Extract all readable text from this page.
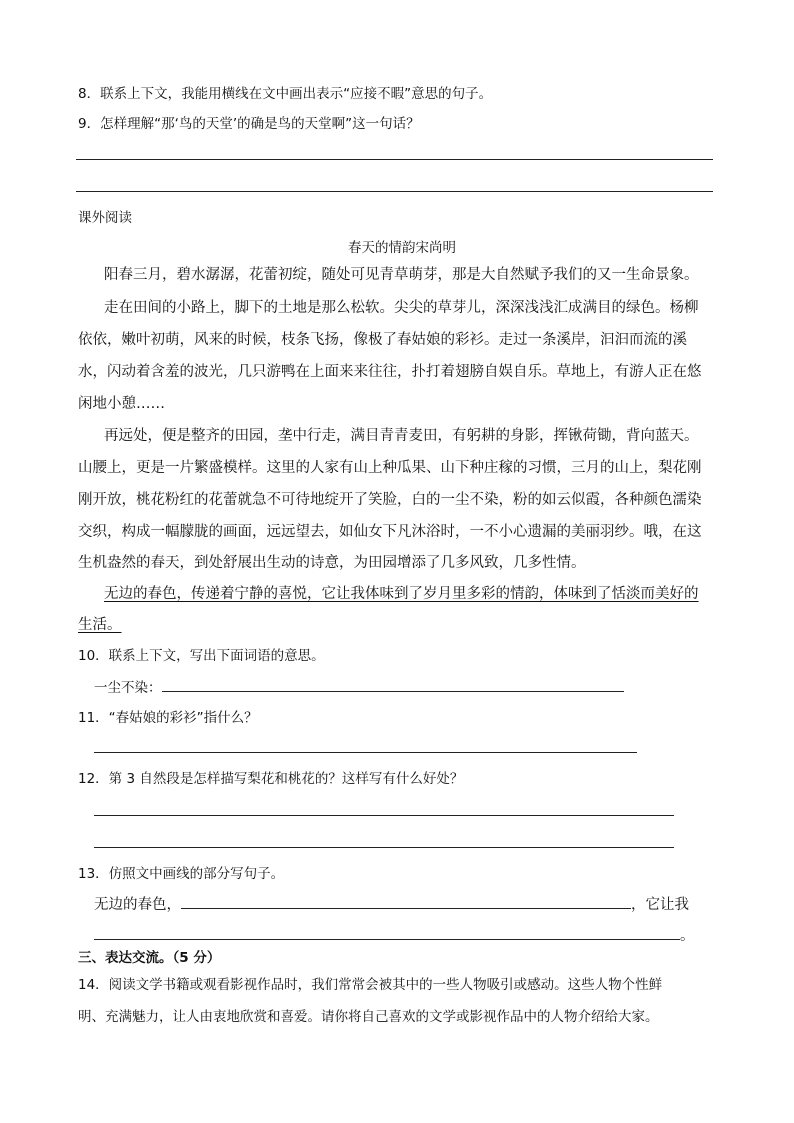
8．联系上下文，我能用横线在文中画出表示“应接不暇”意思的句子。
9．怎样理解“那‘鸟的天堂’的确是鸟的天堂啊”这一句话？
课外阅读
春天的情韵宋尚明
阳春三月，碧水潺潺，花蕾初绽，随处可见青草萌芽，那是大自然赋予我们的又一生命景象。
走在田间的小路上，脚下的土地是那么松软。尖尖的草芽儿，深深浅浅汇成满目的绿色。杨柳
依依，嫩叶初萌，风来的时候，枝条飞扬，像极了春姑娘的彩衫。走过一条溪岸，汩汩而流的溪
水，闪动着含羞的波光，几只游鸭在上面来来往往，扑打着翅膀自娱自乐。草地上，有游人正在悠
闲地小憩……
再远处，便是整齐的田园，垄中行走，满目青青麦田，有躬耕的身影，挥锹荷锄，背向蓝天。
山腰上，更是一片繁盛模样。这里的人家有山上种瓜果、山下种庄稼的习惯，三月的山上，梨花刚
刚开放，桃花粉红的花蕾就急不可待地绽开了笑脸，白的一尘不染，粉的如云似霞，各种颜色濡染
交织，构成一幅朦胧的画面，远远望去，如仙女下凡沐浴时，一不小心遗漏的美丽羽纱。哦，在这
生机盎然的春天，到处舒展出生动的诗意，为田园增添了几多风致，几多性情。
无边的春色，传递着宁静的喜悦，它让我体味到了岁月里多彩的情韵，体味到了恬淡而美好的
生活。
10．联系上下文，写出下面词语的意思。
一尘不染：
11．“春姑娘的彩衫”指什么？
12．第 3 自然段是怎样描写梨花和桃花的？这样写有什么好处？
13．仿照文中画线的部分写句子。
无边的春色，	，它让我
。
三、表达交流。（5 分）
14．阅读文学书籍或观看影视作品时，我们常常会被其中的一些人物吸引或感动。这些人物个性鲜
明、充满魅力，让人由衷地欣赏和喜爱。请你将自己喜欢的文学或影视作品中的人物介绍给大家。
